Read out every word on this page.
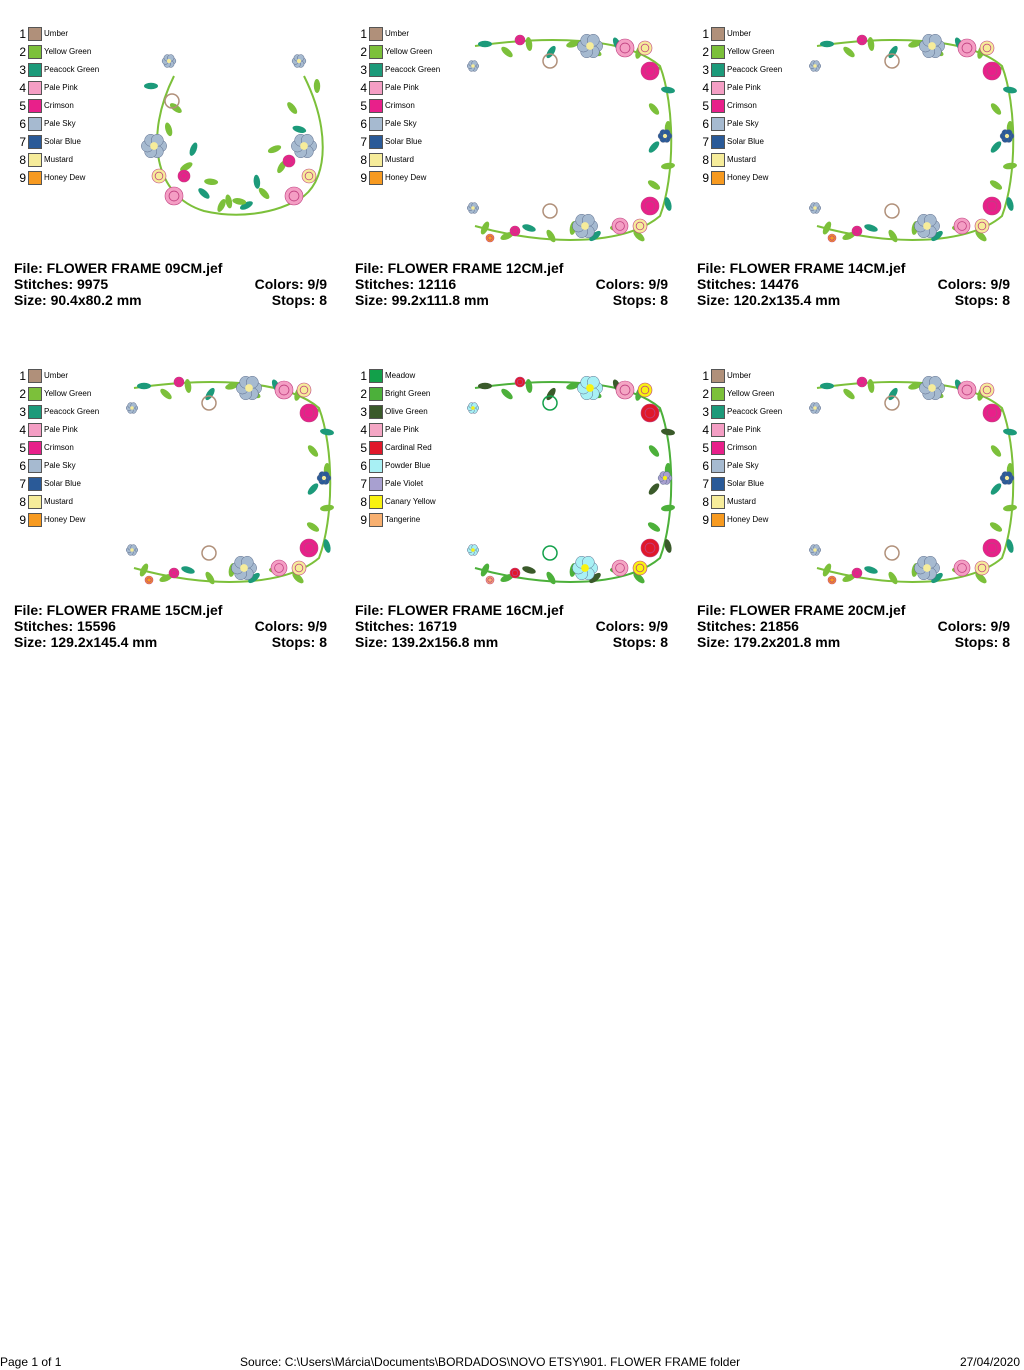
1 Umber
2 Yellow Green
3 Peacock Green
4 Pale Pink
5 Crimson
6 Pale Sky
7 Solar Blue
8 Mustard
9 Honey Dew
File: FLOWER FRAME 09CM.jef
Stitches: 9975	Colors: 9/9
Size: 90.4x80.2 mm	Stops: 8
1 Umber
2 Yellow Green
3 Peacock Green
4 Pale Pink
5 Crimson
6 Pale Sky
7 Solar Blue
8 Mustard
9 Honey Dew
File: FLOWER FRAME 12CM.jef
Stitches: 12116	Colors: 9/9
Size: 99.2x111.8 mm	Stops: 8
1 Umber
2 Yellow Green
3 Peacock Green
4 Pale Pink
5 Crimson
6 Pale Sky
7 Solar Blue
8 Mustard
9 Honey Dew
File: FLOWER FRAME 14CM.jef
Stitches: 14476	Colors: 9/9
Size: 120.2x135.4 mm	Stops: 8
1 Umber
2 Yellow Green
3 Peacock Green
4 Pale Pink
5 Crimson
6 Pale Sky
7 Solar Blue
8 Mustard
9 Honey Dew
File: FLOWER FRAME 15CM.jef
Stitches: 15596	Colors: 9/9
Size: 129.2x145.4 mm	Stops: 8
1 Meadow
2 Bright Green
3 Olive Green
4 Pale Pink
5 Cardinal Red
6 Powder Blue
7 Pale Violet
8 Canary Yellow
9 Tangerine
File: FLOWER FRAME 16CM.jef
Stitches: 16719	Colors: 9/9
Size: 139.2x156.8 mm	Stops: 8
1 Umber
2 Yellow Green
3 Peacock Green
4 Pale Pink
5 Crimson
6 Pale Sky
7 Solar Blue
8 Mustard
9 Honey Dew
File: FLOWER FRAME 20CM.jef
Stitches: 21856	Colors: 9/9
Size: 179.2x201.8 mm	Stops: 8
Page 1 of 1	Source: C:\Users\Márcia\Documents\BORDADOS\NOVO ETSY\901. FLOWER FRAME folder	27/04/2020
